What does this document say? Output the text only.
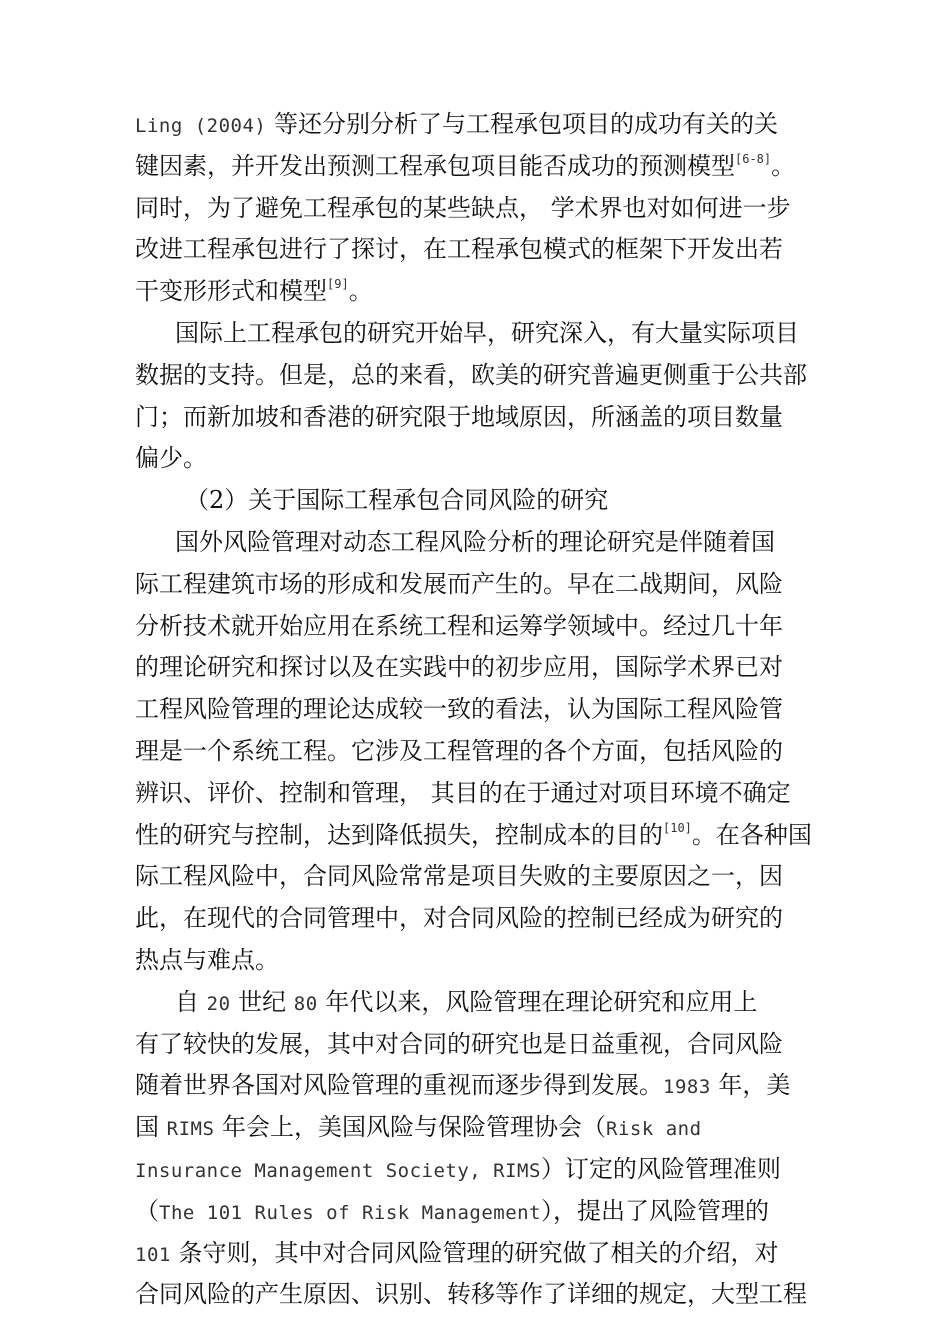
Ling (2004) 等还分别分析了与工程承包项目的成功有关的关
键因素，并开发出预测工程承包项目能否成功的预测模型[6-8]。
同时，为了避免工程承包的某些缺点， 学术界也对如何进一步
改进工程承包进行了探讨，在工程承包模式的框架下开发出若
干变形形式和模型[9]。
国际上工程承包的研究开始早，研究深入，有大量实际项目
数据的支持。但是，总的来看，欧美的研究普遍更侧重于公共部
门；而新加坡和香港的研究限于地域原因，所涵盖的项目数量
偏少。
（2）关于国际工程承包合同风险的研究
国外风险管理对动态工程风险分析的理论研究是伴随着国
际工程建筑市场的形成和发展而产生的。早在二战期间，风险
分析技术就开始应用在系统工程和运筹学领域中。经过几十年
的理论研究和探讨以及在实践中的初步应用，国际学术界已对
工程风险管理的理论达成较一致的看法，认为国际工程风险管
理是一个系统工程。它涉及工程管理的各个方面，包括风险的
辨识、评价、控制和管理， 其目的在于通过对项目环境不确定
性的研究与控制，达到降低损失，控制成本的目的[10]。在各种国
际工程风险中，合同风险常常是项目失败的主要原因之一，因
此，在现代的合同管理中，对合同风险的控制已经成为研究的
热点与难点。
自 20 世纪 80 年代以来，风险管理在理论研究和应用上
有了较快的发展，其中对合同的研究也是日益重视，合同风险
随着世界各国对风险管理的重视而逐步得到发展。1983 年，美
国 RIMS 年会上，美国风险与保险管理协会（Risk and
Insurance Management Society, RIMS）订定的风险管理准则
（The 101 Rules of Risk Management），提出了风险管理的
101 条守则，其中对合同风险管理的研究做了相关的介绍，对
合同风险的产生原因、识别、转移等作了详细的规定，大型工程
